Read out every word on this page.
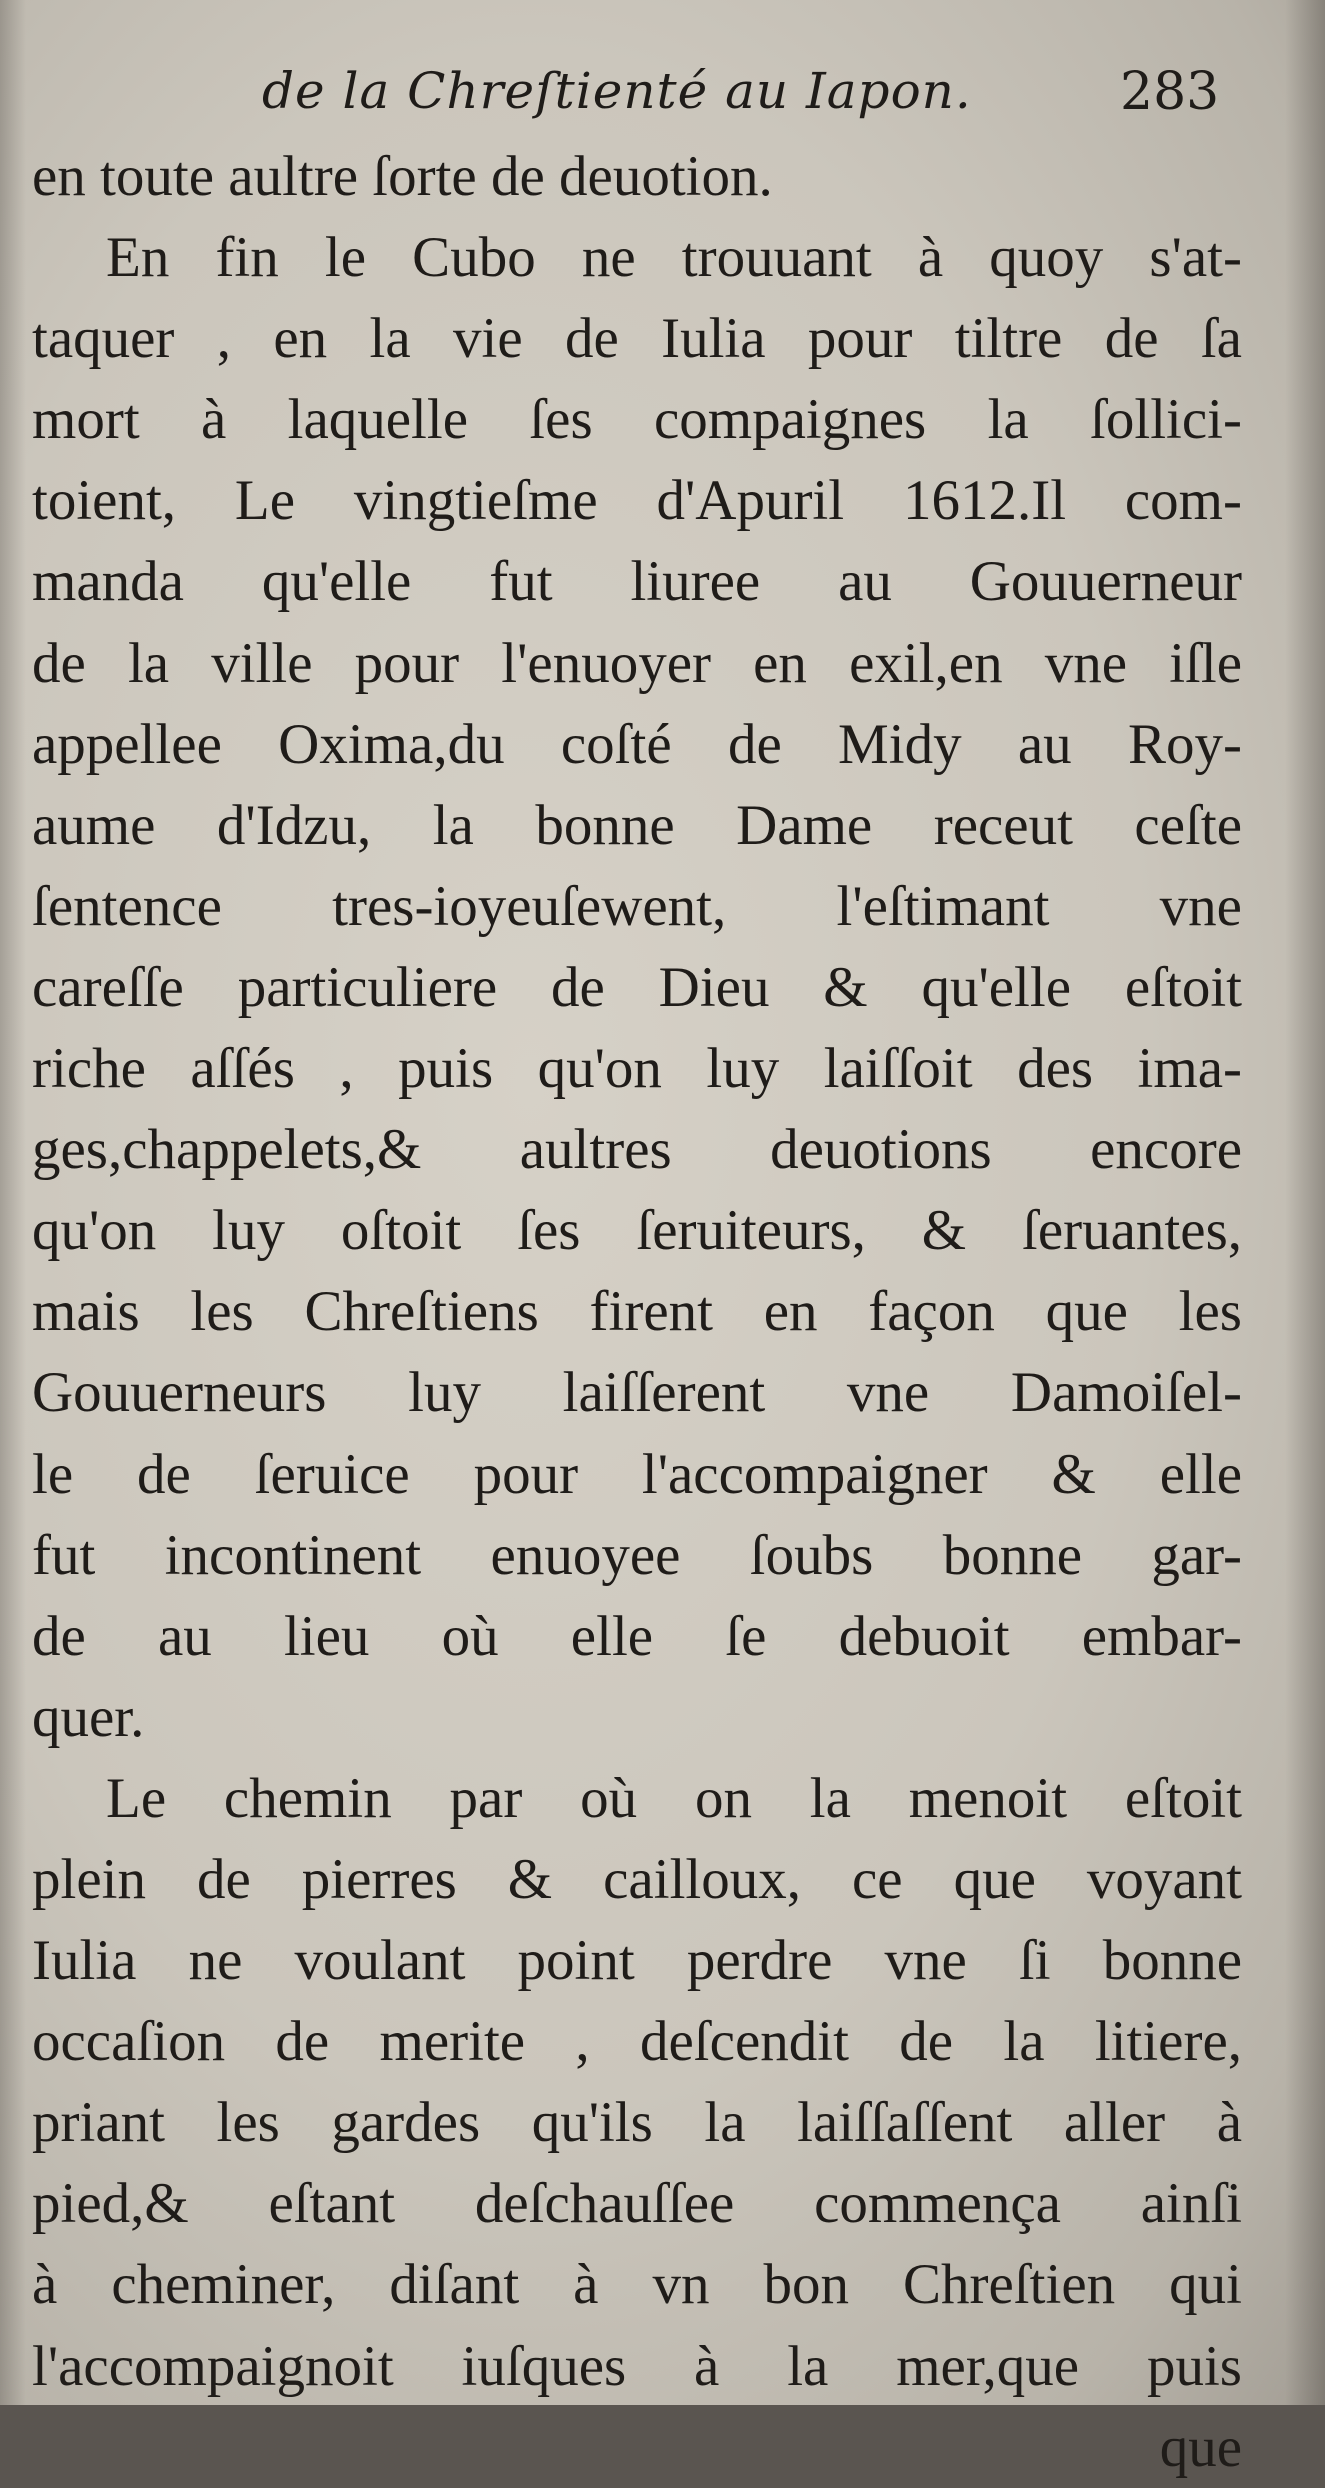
de la Chreſtienté au Iapon.	283
en toute aultre ſorte de deuotion.
En fin le Cubo ne trouuant à quoy s'at-
taquer , en la vie de Iulia pour tiltre de ſa
mort à laquelle ſes compaignes la ſollici-
toient, Le vingtieſme d'Apuril 1612.Il com-
manda qu'elle fut liuree au Gouuerneur
de la ville pour l'enuoyer en exil,en vne iſle
appellee Oxima,du coſté de Midy au Roy-
aume d'Idzu, la bonne Dame receut ceſte
ſentence tres-ioyeuſewent, l'eſtimant vne
careſſe particuliere de Dieu & qu'elle eſtoit
riche aſſés , puis qu'on luy laiſſoit des ima-
ges,chappelets,& aultres deuotions encore
qu'on luy oſtoit ſes ſeruiteurs, & ſeruantes,
mais les Chreſtiens firent en façon que les
Gouuerneurs luy laiſſerent vne Damoiſel-
le de ſeruice pour l'accompaigner & elle
fut incontinent enuoyee ſoubs bonne gar-
de au lieu où elle ſe debuoit embar-
quer.
Le chemin par où on la menoit eſtoit
plein de pierres & cailloux, ce que voyant
Iulia ne voulant point perdre vne ſi bonne
occaſion de merite , deſcendit de la litiere,
priant les gardes qu'ils la laiſſaſſent aller à
pied,& eſtant deſchauſſee commença ainſi
à cheminer, diſant à vn bon Chreſtien qui
l'accompaignoit iuſques à la mer,que puis
que
